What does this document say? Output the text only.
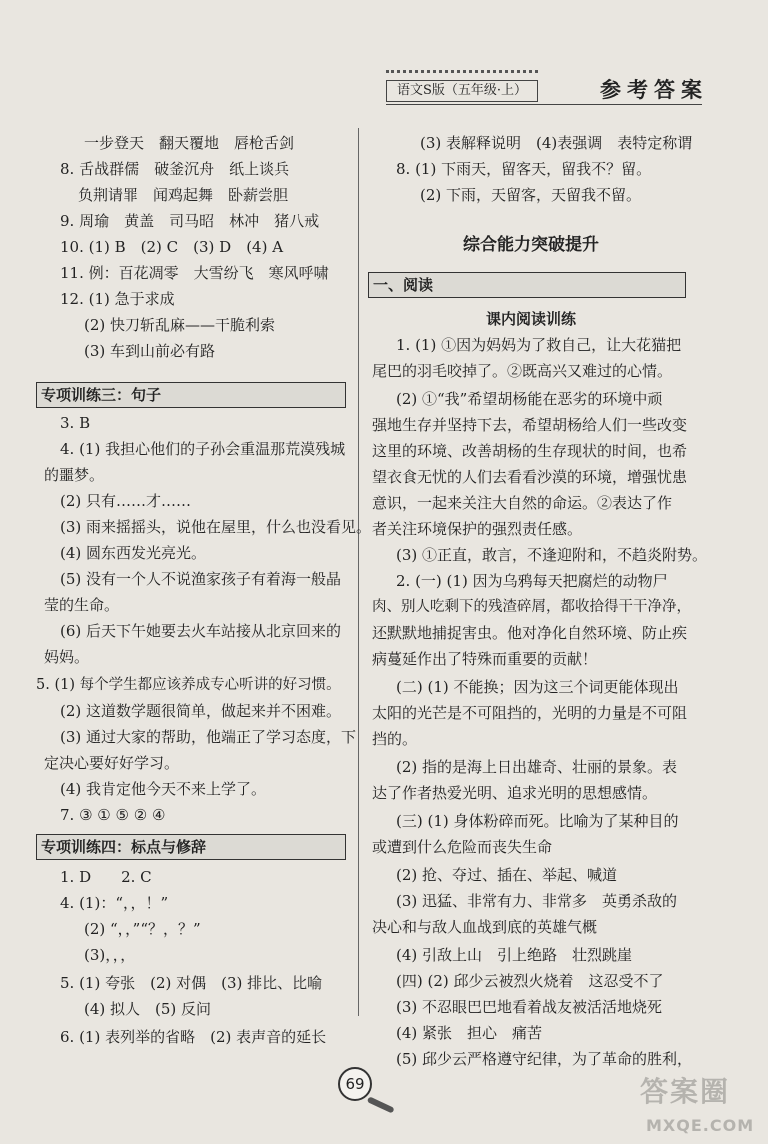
语文S版（五年级·上）	参考答案
一步登天　翻天覆地　唇枪舌剑
8. 舌战群儒　破釜沉舟　纸上谈兵
负荆请罪　闻鸡起舞　卧薪尝胆
9. 周瑜　黄盖　司马昭　林冲　猪八戒
10. (1) B　(2) C　(3) D　(4) A
11. 例：百花凋零　大雪纷飞　寒风呼啸
12. (1) 急于求成
(2) 快刀斩乱麻——干脆利索
(3) 车到山前必有路
专项训练三：句子
3. B
4. (1) 我担心他们的子孙会重温那荒漠残城
的噩梦。
(2) 只有……才……
(3) 雨来摇摇头，说他在屋里，什么也没看见。
(4) 圆东西发光亮光。
(5) 没有一个人不说渔家孩子有着海一般晶
莹的生命。
(6) 后天下午她要去火车站接从北京回来的
妈妈。
5. (1) 每个学生都应该养成专心听讲的好习惯。
(2) 这道数学题很简单，做起来并不困难。
(3) 通过大家的帮助，他端正了学习态度，下
定决心要好好学习。
(4) 我肯定他今天不来上学了。
7. ③ ① ⑤ ② ④
专项训练四：标点与修辞
1. D　　2. C
4. (1)：“，，！”
(2) “，，”“？，？”
(3)，，，
5. (1) 夸张　(2) 对偶　(3) 排比、比喻
(4) 拟人　(5) 反问
6. (1) 表列举的省略　(2) 表声音的延长
(3) 表解释说明　(4)表强调　表特定称谓
8. (1) 下雨天，留客天，留我不？留。
(2) 下雨，天留客，天留我不留。
综合能力突破提升
一、阅读
课内阅读训练
1. (1) ①因为妈妈为了救自己，让大花猫把
尾巴的羽毛咬掉了。②既高兴又难过的心情。
(2) ①“我”希望胡杨能在恶劣的环境中顽
强地生存并坚持下去，希望胡杨给人们一些改变
这里的环境、改善胡杨的生存现状的时间，也希
望衣食无忧的人们去看看沙漠的环境，增强忧患
意识，一起来关注大自然的命运。②表达了作
者关注环境保护的强烈责任感。
(3) ①正直，敢言，不逢迎附和，不趋炎附势。
2. (一) (1) 因为乌鸦每天把腐烂的动物尸
肉、别人吃剩下的残渣碎屑，都收拾得干干净净，
还默默地捕捉害虫。他对净化自然环境、防止疾
病蔓延作出了特殊而重要的贡献！
(二) (1) 不能换；因为这三个词更能体现出
太阳的光芒是不可阻挡的，光明的力量是不可阻
挡的。
(2) 指的是海上日出雄奇、壮丽的景象。表
达了作者热爱光明、追求光明的思想感情。
(三) (1) 身体粉碎而死。比喻为了某种目的
或遭到什么危险而丧失生命
(2) 抢、夺过、插在、举起、喊道
(3) 迅猛、非常有力、非常多　英勇杀敌的
决心和与敌人血战到底的英雄气概
(4) 引敌上山　引上绝路　壮烈跳崖
(四) (2) 邱少云被烈火烧着　这忍受不了
(3) 不忍眼巴巴地看着战友被活活地烧死
(4) 紧张　担心　痛苦
(5) 邱少云严格遵守纪律，为了革命的胜利，
69	答案圈
MXQE.COM
